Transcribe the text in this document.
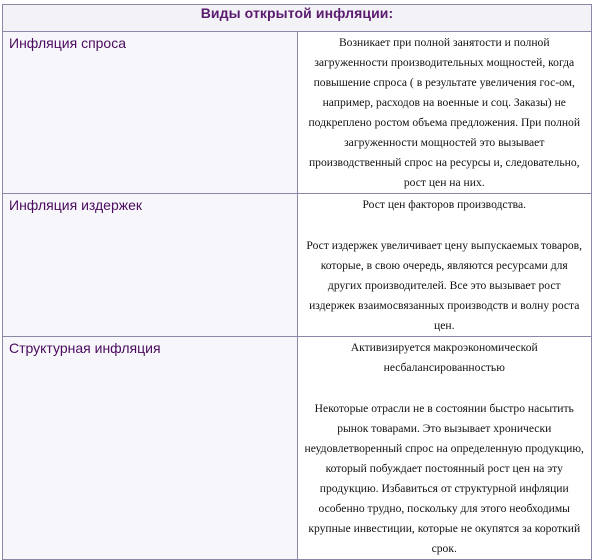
Виды открытой инфляции:	

Инфляция спроса	Возникает при полной занятости и полной загруженности производительных мощностей, когда повышение спроса ( в результате увеличения гос-ом, например, расходов на военные и соц. Заказы) не подкреплено ростом объема предложения. При полной загруженности мощностей это вызывает производственный спрос на ресурсы и, следовательно, рост цен на них.

Инфляция издержек	Рост цен факторов производства.

Рост издержек увеличивает цену выпускаемых товаров, которые, в свою очередь, являются ресурсами для других производителей. Все это вызывает рост издержек взаимосвязанных производств и волну роста цен.

Структурная инфляция	Активизируется макроэкономической несбалансированностью

Некоторые отрасли не в состоянии быстро насытить рынок товарами. Это вызывает хронически неудовлетворенный спрос на определенную продукцию, который побуждает постоянный рост цен на эту продукцию. Избавиться от структурной инфляции особенно трудно, поскольку для этого необходимы крупные инвестиции, которые не окупятся за короткий срок.
